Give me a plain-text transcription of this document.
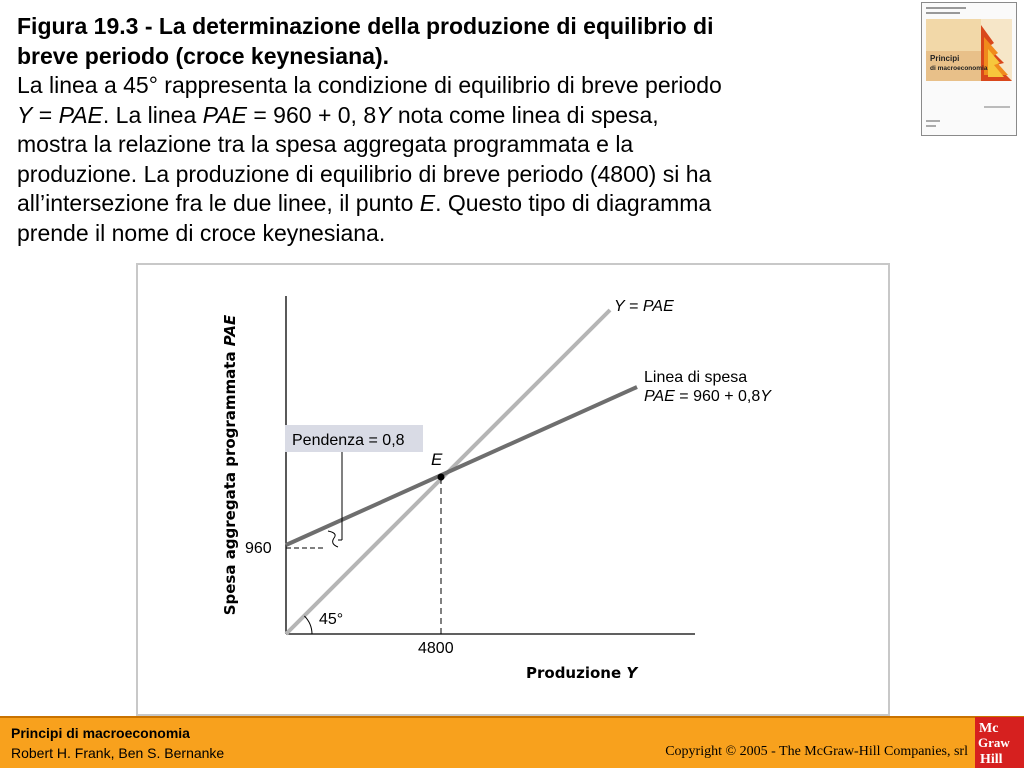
Figura 19.3 - La determinazione della produzione di equilibrio di
breve periodo (croce keynesiana).
La linea a 45° rappresenta la condizione di equilibrio di breve periodo
Y = PAE. La linea PAE = 960 + 0, 8Y nota come linea di spesa,
mostra la relazione tra la spesa aggregata programmata e la
produzione. La produzione di equilibrio di breve periodo (4800) si ha
all’intersezione fra le due linee, il punto E. Questo tipo di diagramma
prende il nome di croce keynesiana.
Principi
di macroeconomia
Pendenza = 0,8
E
960
4800
45°
Y = PAE
Linea di spesa
PAE = 960 + 0,8Y
Spesa aggregata programmata PAE
Produzione Y
Principi di macroeconomia
Robert H. Frank, Ben S. Bernanke	Copyright © 2005 - The McGraw-Hill Companies, srl
Mc
Graw
Hill
